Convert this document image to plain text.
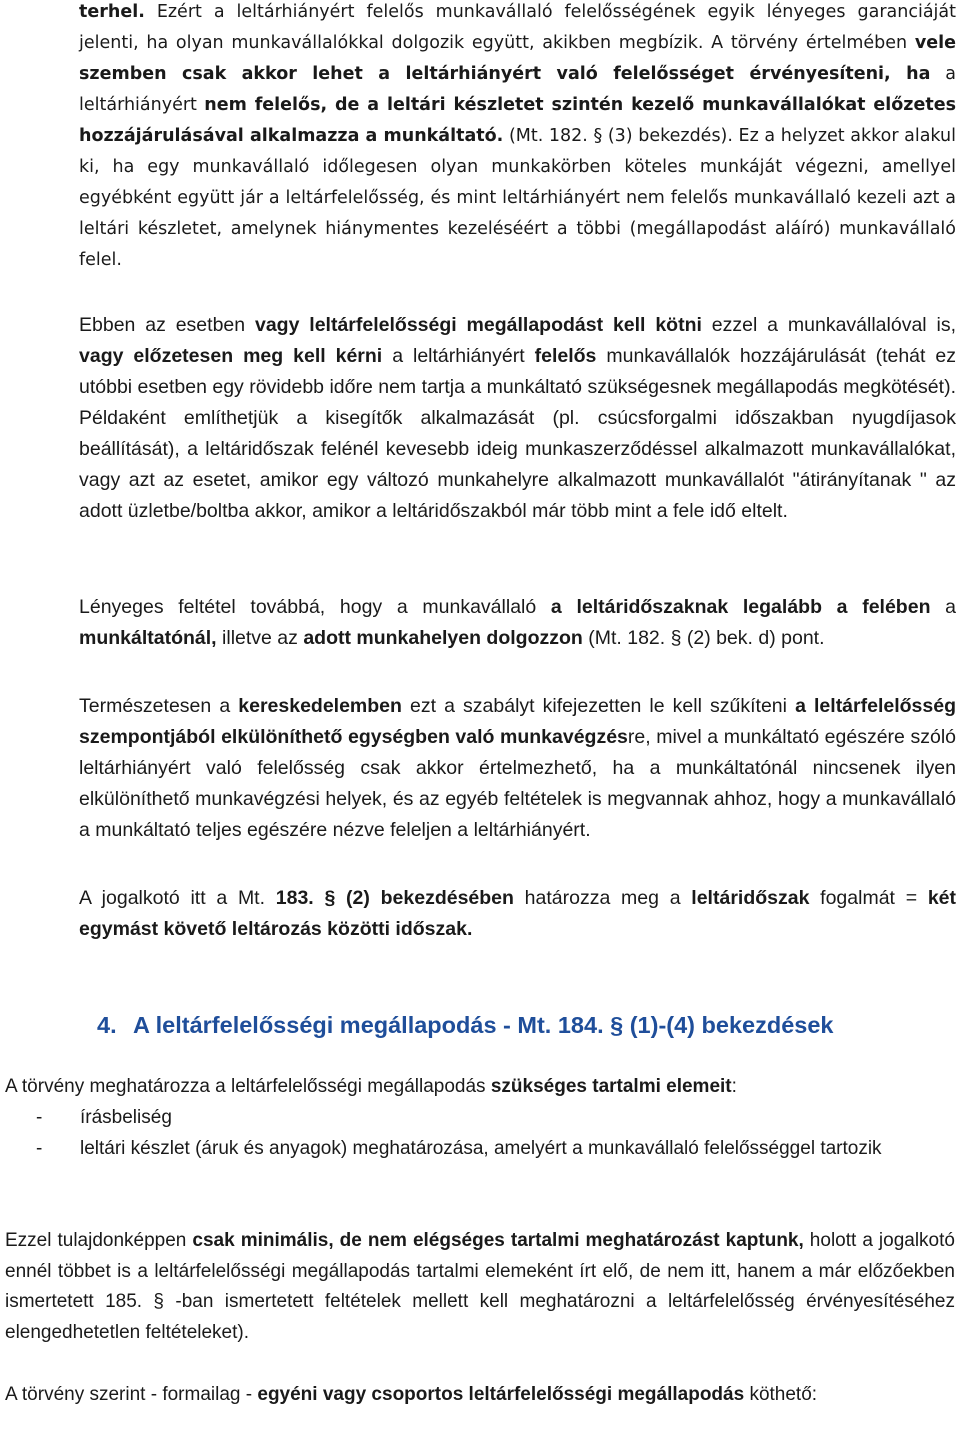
terhel. Ezért a leltárhiányért felelős munkavállaló felelősségének egyik lényeges garanciáját jelenti, ha olyan munkavállalókkal dolgozik együtt, akikben megbízik. A törvény értelmében vele szemben csak akkor lehet a leltárhiányért való felelősséget érvényesíteni, ha a leltárhiányért nem felelős, de a leltári készletet szintén kezelő munkavállalókat előzetes hozzájárulásával alkalmazza a munkáltató. (Mt. 182. § (3) bekezdés). Ez a helyzet akkor alakul ki, ha egy munkavállaló időlegesen olyan munkakörben köteles munkáját végezni, amellyel egyébként együtt jár a leltárfelelősség, és mint leltárhiányért nem felelős munkavállaló kezeli azt a leltári készletet, amelynek hiánymentes kezeléséért a többi (megállapodást aláíró) munkavállaló felel.

Ebben az esetben vagy leltárfelelősségi megállapodást kell kötni ezzel a munkavállalóval is, vagy előzetesen meg kell kérni a leltárhiányért felelős munkavállalók hozzájárulását (tehát ez utóbbi esetben egy rövidebb időre nem tartja a munkáltató szükségesnek megállapodás megkötését). Példaként említhetjük a kisegítők alkalmazását (pl. csúcsforgalmi időszakban nyugdíjasok beállítását), a leltáridőszak felénél kevesebb ideig munkaszerződéssel alkalmazott munkavállalókat, vagy azt az esetet, amikor egy változó munkahelyre alkalmazott munkavállalót "átirányítanak " az adott üzletbe/boltba akkor, amikor a leltáridőszakból már több mint a fele idő eltelt.

Lényeges feltétel továbbá, hogy a munkavállaló a leltáridőszaknak legalább a felében a munkáltatónál, illetve az adott munkahelyen dolgozzon (Mt. 182. § (2) bek. d) pont.

Természetesen a kereskedelemben ezt a szabályt kifejezetten le kell szűkíteni a leltárfelelősség szempontjából elkülöníthető egységben való munkavégzésre, mivel a munkáltató egészére szóló leltárhiányért való felelősség csak akkor értelmezhető, ha a munkáltatónál nincsenek ilyen elkülöníthető munkavégzési helyek, és az egyéb feltételek is megvannak ahhoz, hogy a munkavállaló a munkáltató teljes egészére nézve feleljen a leltárhiányért.

A jogalkotó itt a Mt. 183. § (2) bekezdésében határozza meg a leltáridőszak fogalmát = két egymást követő leltározás közötti időszak.

4. A leltárfelelősségi megállapodás - Mt. 184. § (1)-(4) bekezdések

A törvény meghatározza a leltárfelelősségi megállapodás szükséges tartalmi elemeit:

- írásbeliség
- leltári készlet (áruk és anyagok) meghatározása, amelyért a munkavállaló felelősséggel tartozik

Ezzel tulajdonképpen csak minimális, de nem elégséges tartalmi meghatározást kaptunk, holott a jogalkotó ennél többet is a leltárfelelősségi megállapodás tartalmi elemeként írt elő, de nem itt, hanem a már előzőekben ismertetett 185. § -ban ismertetett feltételek mellett kell meghatározni a leltárfelelősség érvényesítéséhez elengedhetetlen feltételeket).

A törvény szerint - formailag - egyéni vagy csoportos leltárfelelősségi megállapodás köthető:
